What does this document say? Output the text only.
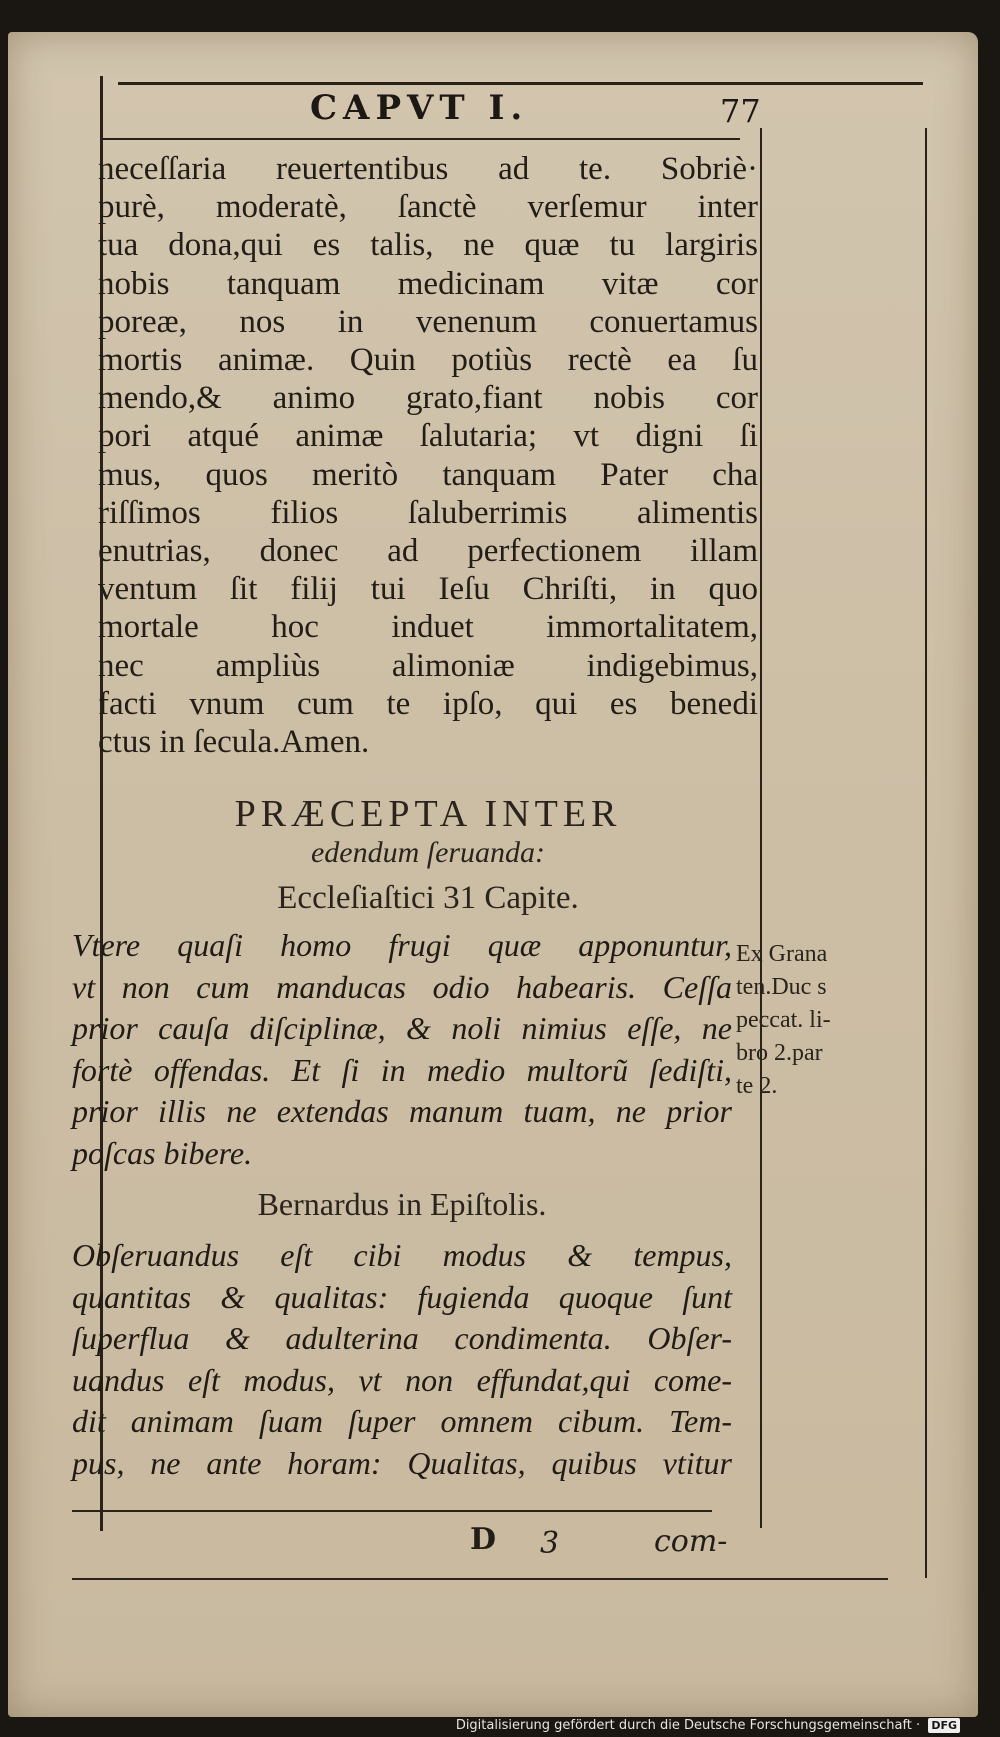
CAPVT I.	77
neceſſaria reuertentibus ad te. Sobriè·
purè, moderatè, ſanctè verſemur inter
tua dona,qui es talis, ne quæ tu largiris
nobis tanquam medicinam vitæ cor
poreæ, nos in venenum conuertamus
mortis animæ. Quin potiùs rectè ea ſu
mendo,& animo grato,fiant nobis cor
pori atqué animæ ſalutaria; vt digni ſi
mus, quos meritò tanquam Pater cha
riſſimos filios ſaluberrimis alimentis
enutrias, donec ad perfectionem illam
ventum ſit filij tui Ieſu Chriſti, in quo
mortale hoc induet immortalitatem,
nec ampliùs alimoniæ indigebimus,
facti vnum cum te ipſo, qui es benedi
ctus in ſecula.Amen.
PRÆCEPTA INTER
edendum ſeruanda:
Eccleſiaſtici 31 Capite.
Vtere quaſi homo frugi quæ apponuntur,
vt non cum manducas odio habearis. Ceſſa
prior cauſa diſciplinæ, & noli nimius eſſe, ne
fortè offendas. Et ſi in medio multorũ ſediſti,
prior illis ne extendas manum tuam, ne prior
poſcas bibere.
Ex Grana
ten.Duc s
peccat. li-
bro 2.par
te 2.
Bernardus in Epiſtolis.
Obſeruandus eſt cibi modus & tempus,
quantitas & qualitas: fugienda quoque ſunt
ſuperflua & adulterina condimenta. Obſer-
uandus eſt modus, vt non effundat,qui come-
dit animam ſuam ſuper omnem cibum. Tem-
pus, ne ante horam: Qualitas, quibus vtitur
D 3	com-
Digitalisierung gefördert durch die Deutsche Forschungsgemeinschaft · DFG
